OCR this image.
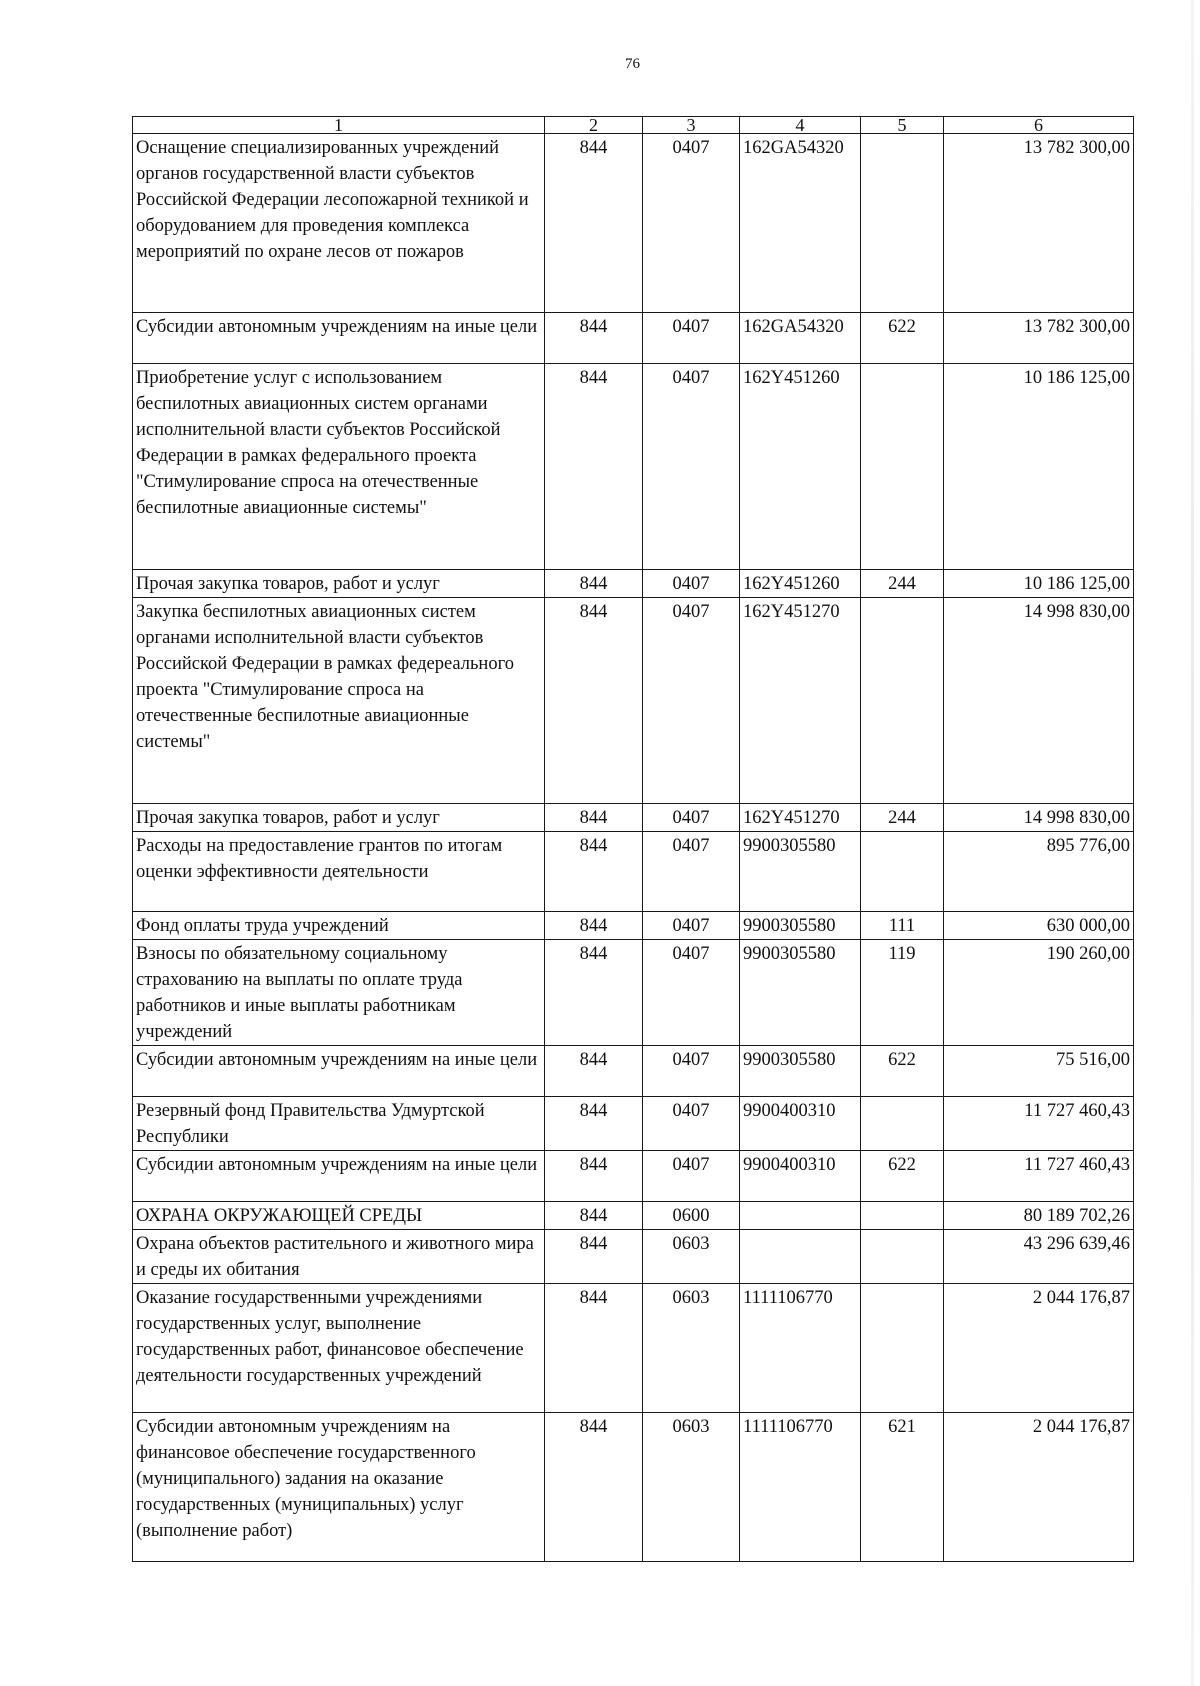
76
1	2	3	4	5	6
Оснащение специализированных учреждений органов государственной власти субъектов Российской Федерации лесопожарной техникой и оборудованием для проведения комплекса мероприятий по охране лесов от пожаров	844	0407	162GA54320		13 782 300,00
Субсидии автономным учреждениям на иные цели	844	0407	162GA54320	622	13 782 300,00
Приобретение услуг с использованием беспилотных авиационных систем органами исполнительной власти субъектов Российской Федерации в рамках федерального проекта "Стимулирование спроса на отечественные беспилотные авиационные системы"	844	0407	162Y451260		10 186 125,00
Прочая закупка товаров, работ и услуг	844	0407	162Y451260	244	10 186 125,00
Закупка беспилотных авиационных систем органами исполнительной власти субъектов Российской Федерации в рамках федереального проекта "Стимулирование спроса на отечественные беспилотные авиационные системы"	844	0407	162Y451270		14 998 830,00
Прочая закупка товаров, работ и услуг	844	0407	162Y451270	244	14 998 830,00
Расходы на предоставление грантов по итогам оценки эффективности деятельности	844	0407	9900305580		895 776,00
Фонд оплаты труда учреждений	844	0407	9900305580	111	630 000,00
Взносы по обязательному социальному страхованию на выплаты по оплате труда работников и иные выплаты работникам учреждений	844	0407	9900305580	119	190 260,00
Субсидии автономным учреждениям на иные цели	844	0407	9900305580	622	75 516,00
Резервный фонд Правительства Удмуртской Республики	844	0407	9900400310		11 727 460,43
Субсидии автономным учреждениям на иные цели	844	0407	9900400310	622	11 727 460,43
ОХРАНА ОКРУЖАЮЩЕЙ СРЕДЫ	844	0600			80 189 702,26
Охрана объектов растительного и животного мира и среды их обитания	844	0603			43 296 639,46
Оказание государственными учреждениями государственных услуг, выполнение государственных работ, финансовое обеспечение деятельности государственных учреждений	844	0603	1111106770		2 044 176,87
Субсидии автономным учреждениям на финансовое обеспечение государственного (муниципального) задания на оказание государственных (муниципальных) услуг (выполнение работ)	844	0603	1111106770	621	2 044 176,87
